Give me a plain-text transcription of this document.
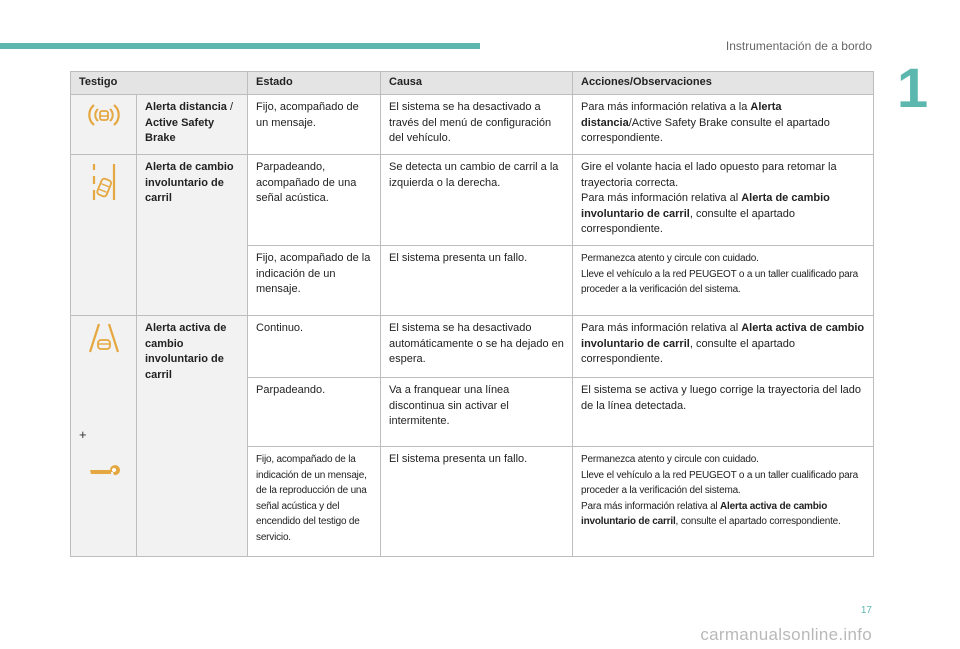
Instrumentación de a bordo
1
Testigo		Estado	Causa	Acciones/Observaciones

	Alerta distancia / Active Safety Brake	Fijo, acompañado de un mensaje.	El sistema se ha desactivado a través del menú de configuración del vehículo.	Para más información relativa a la Alerta distancia/Active Safety Brake consulte el apartado correspondiente.

	Alerta de cambio involuntario de carril	Parpadeando, acompañado de una señal acústica.	Se detecta un cambio de carril a la izquierda o la derecha.	Gire el volante hacia el lado opuesto para retomar la trayectoria correcta.
Para más información relativa al Alerta de cambio involuntario de carril, consulte el apartado correspondiente.

		Fijo, acompañado de la indicación de un mensaje.	El sistema presenta un fallo.	Permanezca atento y circule con cuidado.
Lleve el vehículo a la red PEUGEOT o a un taller cualificado para proceder a la verificación del sistema.

+	Alerta activa de cambio involuntario de carril	Continuo.	El sistema se ha desactivado automáticamente o se ha dejado en espera.	Para más información relativa al Alerta activa de cambio involuntario de carril, consulte el apartado correspondiente.
		Parpadeando.	Va a franquear una línea discontinua sin activar el intermitente.	El sistema se activa y luego corrige la trayectoria del lado de la línea detectada.
		Fijo, acompañado de la indicación de un mensaje, de la reproducción de una señal acústica y del encendido del testigo de servicio.	El sistema presenta un fallo.	Permanezca atento y circule con cuidado.
Lleve el vehículo a la red PEUGEOT o a un taller cualificado para proceder a la verificación del sistema.
Para más información relativa al Alerta activa de cambio involuntario de carril, consulte el apartado correspondiente.
17
carmanualsonline.info
